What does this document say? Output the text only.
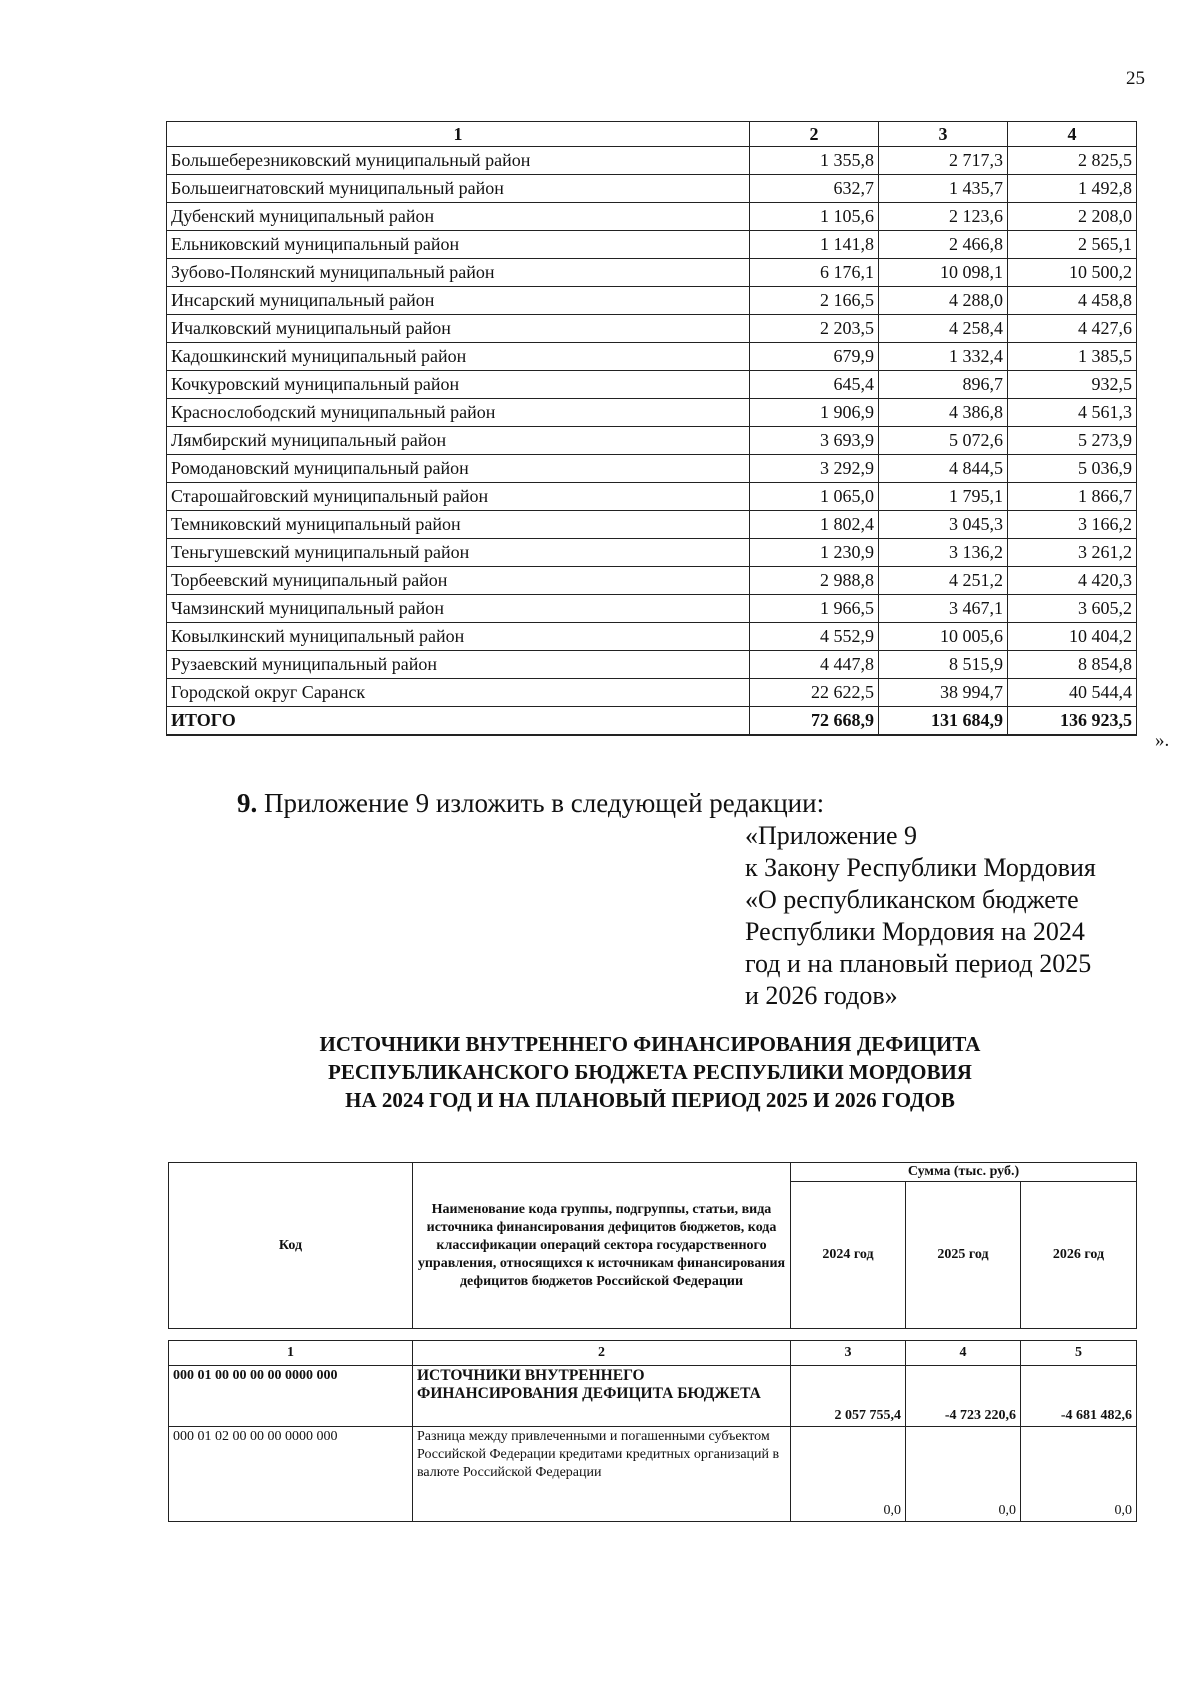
25
1	2	3	4
Большеберезниковский муниципальный район	1 355,8	2 717,3	2 825,5
Большеигнатовский муниципальный район	632,7	1 435,7	1 492,8
Дубенский муниципальный район	1 105,6	2 123,6	2 208,0
Ельниковский муниципальный район	1 141,8	2 466,8	2 565,1
Зубово-Полянский муниципальный район	6 176,1	10 098,1	10 500,2
Инсарский муниципальный район	2 166,5	4 288,0	4 458,8
Ичалковский муниципальный район	2 203,5	4 258,4	4 427,6
Кадошкинский муниципальный район	679,9	1 332,4	1 385,5
Кочкуровский муниципальный район	645,4	896,7	932,5
Краснослободский муниципальный район	1 906,9	4 386,8	4 561,3
Лямбирский муниципальный район	3 693,9	5 072,6	5 273,9
Ромодановский муниципальный район	3 292,9	4 844,5	5 036,9
Старошайговский муниципальный район	1 065,0	1 795,1	1 866,7
Темниковский муниципальный район	1 802,4	3 045,3	3 166,2
Теньгушевский муниципальный район	1 230,9	3 136,2	3 261,2
Торбеевский муниципальный район	2 988,8	4 251,2	4 420,3
Чамзинский муниципальный район	1 966,5	3 467,1	3 605,2
Ковылкинский муниципальный район	4 552,9	10 005,6	10 404,2
Рузаевский муниципальный район	4 447,8	8 515,9	8 854,8
Городской округ Саранск	22 622,5	38 994,7	40 544,4
ИТОГО	72 668,9	131 684,9	136 923,5
».
9. Приложение 9 изложить в следующей редакции:
«Приложение 9
к Закону Республики Мордовия
«О республиканском бюджете
Республики Мордовия на 2024
год и на плановый период 2025
и 2026 годов»
ИСТОЧНИКИ ВНУТРЕННЕГО ФИНАНСИРОВАНИЯ ДЕФИЦИТА
РЕСПУБЛИКАНСКОГО БЮДЖЕТА РЕСПУБЛИКИ МОРДОВИЯ
НА 2024 ГОД И НА ПЛАНОВЫЙ ПЕРИОД 2025 И 2026 ГОДОВ
Код	Наименование кода группы, подгруппы, статьи, вида источника финансирования дефицитов бюджетов, кода классификации операций сектора государственного управления, относящихся к источникам финансирования дефицитов бюджетов Российской Федерации	Сумма (тыс. руб.)		
		2024 год	2025 год	2026 год
1	2	3	4	5
000 01 00 00 00 00 0000 000	ИСТОЧНИКИ ВНУТРЕННЕГО ФИНАНСИРОВАНИЯ ДЕФИЦИТА БЮДЖЕТА	2 057 755,4	-4 723 220,6	-4 681 482,6
000 01 02 00 00 00 0000 000	Разница между привлеченными и погашенными субъектом Российской Федерации кредитами кредитных организаций в валюте Российской Федерации	0,0	0,0	0,0
